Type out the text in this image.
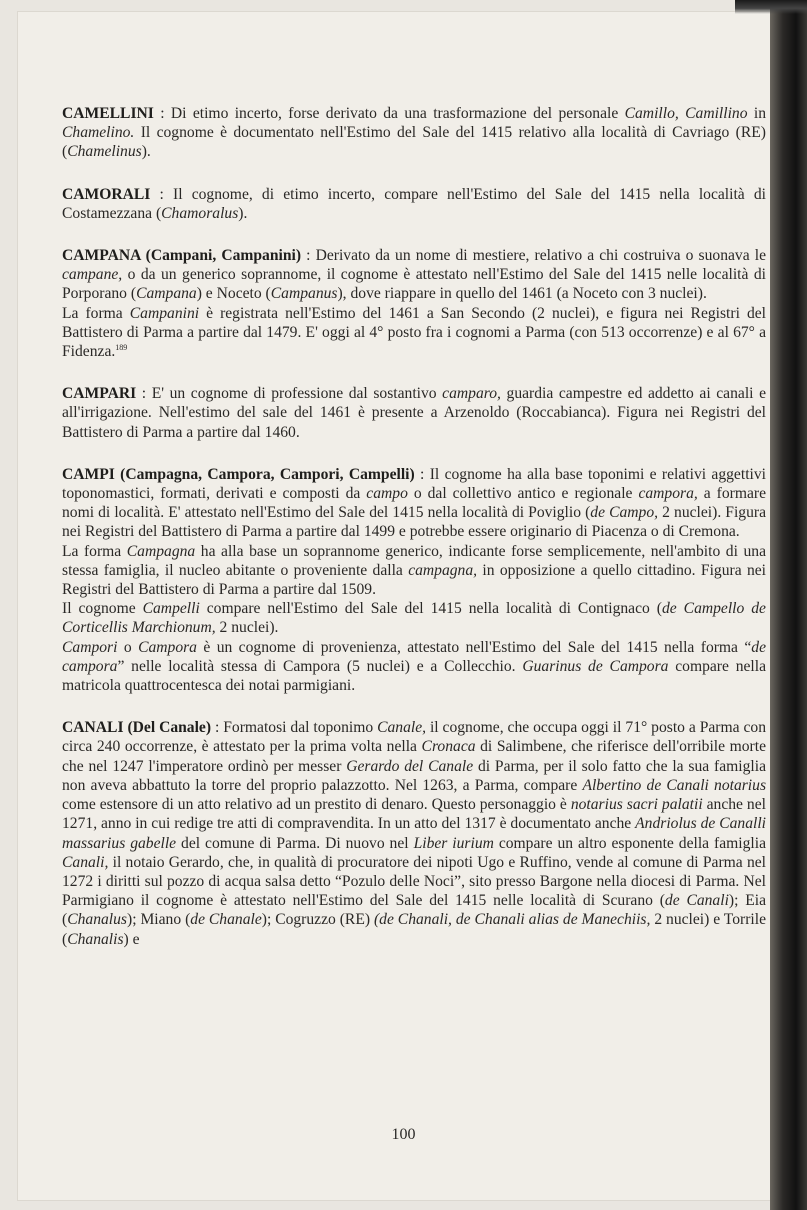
CAMELLINI : Di etimo incerto, forse derivato da una trasformazione del personale Camillo, Camillino in Chamelino. Il cognome è documentato nell'Estimo del Sale del 1415 relativo alla località di Cavriago (RE) (Chamelinus).

CAMORALI : Il cognome, di etimo incerto, compare nell'Estimo del Sale del 1415 nella località di Costamezzana (Chamoralus).

CAMPANA (Campani, Campanini) : Derivato da un nome di mestiere, relativo a chi costruiva o suonava le campane, o da un generico soprannome, il cognome è attestato nell'Estimo del Sale del 1415 nelle località di Porporano (Campana) e Noceto (Campanus), dove riappare in quello del 1461 (a Noceto con 3 nuclei).

La forma Campanini è registrata nell'Estimo del 1461 a San Secondo (2 nuclei), e figura nei Registri del Battistero di Parma a partire dal 1479. E' oggi al 4° posto fra i cognomi a Parma (con 513 occorrenze) e al 67° a Fidenza.$^{189}$

CAMPARI : E' un cognome di professione dal sostantivo camparo, guardia campestre ed addetto ai canali e all'irrigazione. Nell'estimo del sale del 1461 è presente a Arzenoldo (Roccabianca). Figura nei Registri del Battistero di Parma a partire dal 1460.

CAMPI (Campagna, Campora, Campori, Campelli) : Il cognome ha alla base toponimi e relativi aggettivi toponomastici, formati, derivati e composti da campo o dal collettivo antico e regionale campora, a formare nomi di località. E' attestato nell'Estimo del Sale del 1415 nella località di Poviglio (de Campo, 2 nuclei). Figura nei Registri del Battistero di Parma a partire dal 1499 e potrebbe essere originario di Piacenza o di Cremona.

La forma Campagna ha alla base un soprannome generico, indicante forse semplicemente, nell'ambito di una stessa famiglia, il nucleo abitante o proveniente dalla campagna, in opposizione a quello cittadino. Figura nei Registri del Battistero di Parma a partire dal 1509.

Il cognome Campelli compare nell'Estimo del Sale del 1415 nella località di Contignaco (de Campello de Corticellis Marchionum, 2 nuclei).

Campori o Campora è un cognome di provenienza, attestato nell'Estimo del Sale del 1415 nella forma “de campora” nelle località stessa di Campora (5 nuclei) e a Collecchio. Guarinus de Campora compare nella matricola quattrocentesca dei notai parmigiani.

CANALI (Del Canale) : Formatosi dal toponimo Canale, il cognome, che occupa oggi il 71° posto a Parma con circa 240 occorrenze, è attestato per la prima volta nella Cronaca di Salimbene, che riferisce dell'orribile morte che nel 1247 l'imperatore ordinò per messer Gerardo del Canale di Parma, per il solo fatto che la sua famiglia non aveva abbattuto la torre del proprio palazzotto. Nel 1263, a Parma, compare Albertino de Canali notarius come estensore di un atto relativo ad un prestito di denaro. Questo personaggio è notarius sacri palatii anche nel 1271, anno in cui redige tre atti di compravendita. In un atto del 1317 è documentato anche Andriolus de Canalli massarius gabelle del comune di Parma. Di nuovo nel Liber iurium compare un altro esponente della famiglia Canali, il notaio Gerardo, che, in qualità di procuratore dei nipoti Ugo e Ruffino, vende al comune di Parma nel 1272 i diritti sul pozzo di acqua salsa detto “Pozulo delle Noci”, sito presso Bargone nella diocesi di Parma. Nel Parmigiano il cognome è attestato nell'Estimo del Sale del 1415 nelle località di Scurano (de Canali); Eia (Chanalus); Miano (de Chanale); Cogruzzo (RE) (de Chanali, de Chanali alias de Manechiis, 2 nuclei) e Torrile (Chanalis) e

100
